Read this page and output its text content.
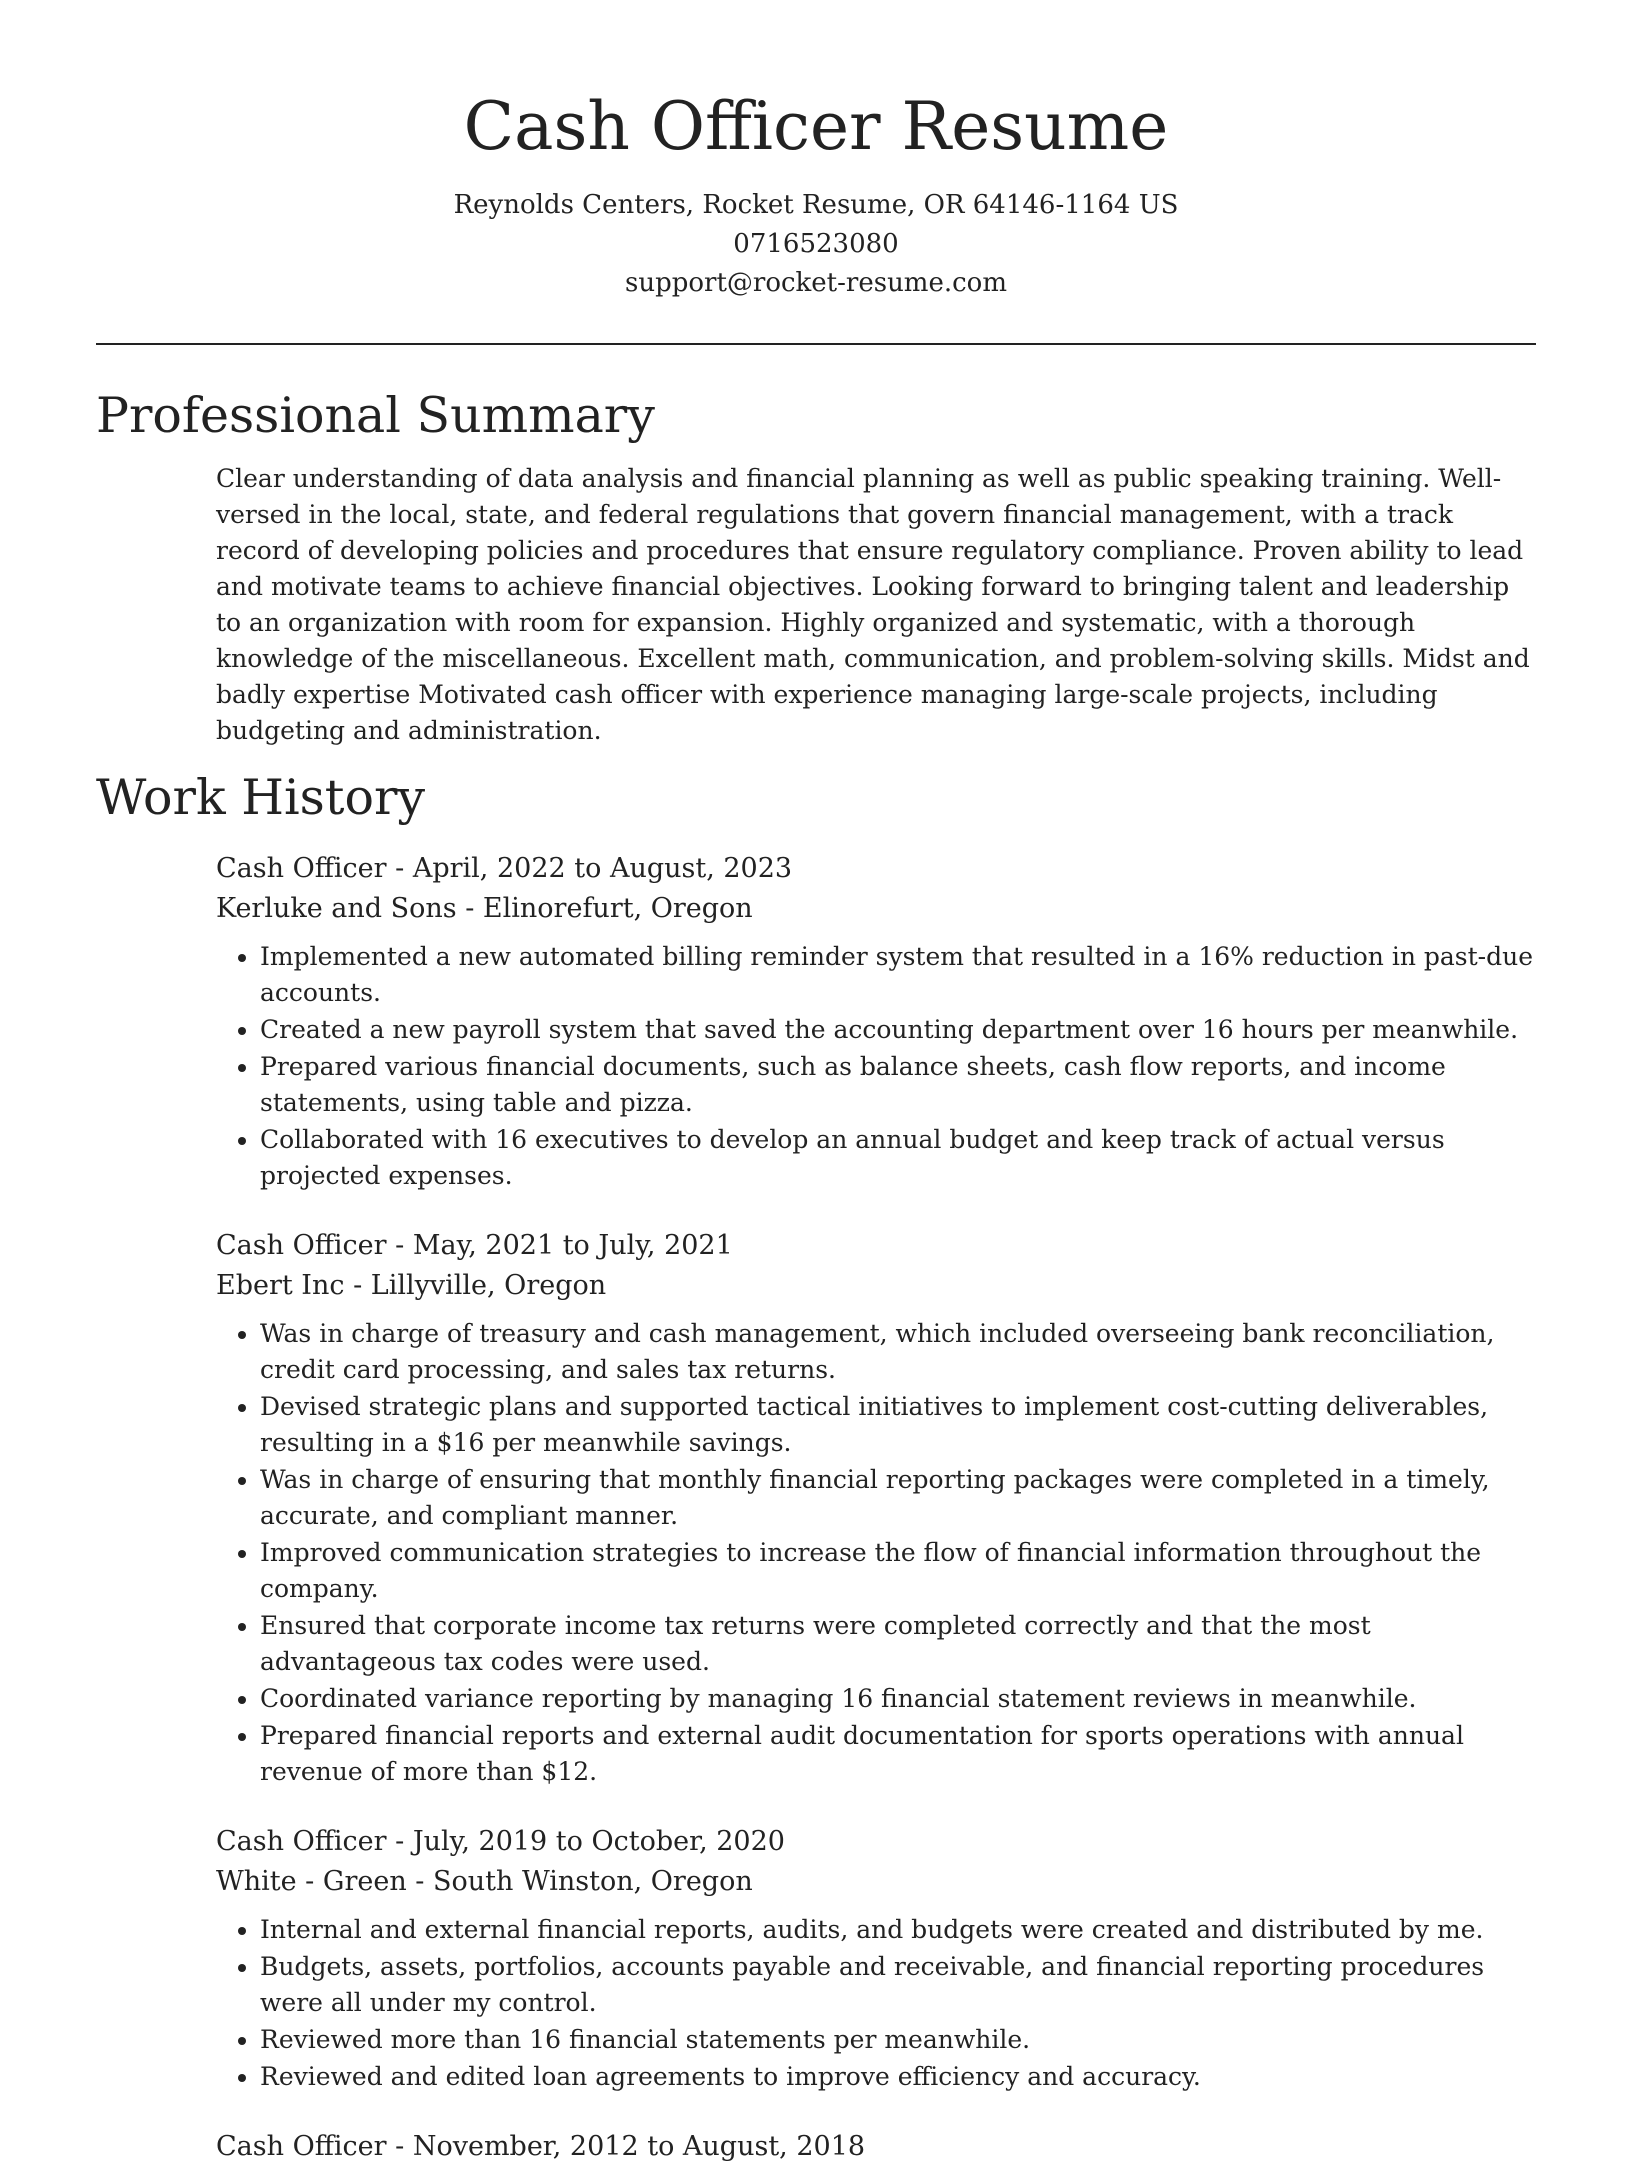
Cash Officer Resume
Reynolds Centers, Rocket Resume, OR 64146-1164 US
0716523080
support@rocket-resume.com
Professional Summary

Clear understanding of data analysis and financial planning as well as public speaking training. Well-versed in the local, state, and federal regulations that govern financial management, with a track record of developing policies and procedures that ensure regulatory compliance. Proven ability to lead and motivate teams to achieve financial objectives. Looking forward to bringing talent and leadership to an organization with room for expansion. Highly organized and systematic, with a thorough knowledge of the miscellaneous. Excellent math, communication, and problem-solving skills. Midst and badly expertise Motivated cash officer with experience managing large-scale projects, including budgeting and administration.

Work History
Cash Officer - April, 2022 to August, 2023
Kerluke and Sons - Elinorefurt, Oregon
• Implemented a new automated billing reminder system that resulted in a 16% reduction in past-due accounts.
• Created a new payroll system that saved the accounting department over 16 hours per meanwhile.
• Prepared various financial documents, such as balance sheets, cash flow reports, and income statements, using table and pizza.
• Collaborated with 16 executives to develop an annual budget and keep track of actual versus projected expenses.
Cash Officer - May, 2021 to July, 2021
Ebert Inc - Lillyville, Oregon
• Was in charge of treasury and cash management, which included overseeing bank reconciliation, credit card processing, and sales tax returns.
• Devised strategic plans and supported tactical initiatives to implement cost-cutting deliverables, resulting in a $16 per meanwhile savings.
• Was in charge of ensuring that monthly financial reporting packages were completed in a timely, accurate, and compliant manner.
• Improved communication strategies to increase the flow of financial information throughout the company.
• Ensured that corporate income tax returns were completed correctly and that the most advantageous tax codes were used.
• Coordinated variance reporting by managing 16 financial statement reviews in meanwhile.
• Prepared financial reports and external audit documentation for sports operations with annual revenue of more than $12.
Cash Officer - July, 2019 to October, 2020
White - Green - South Winston, Oregon
• Internal and external financial reports, audits, and budgets were created and distributed by me.
• Budgets, assets, portfolios, accounts payable and receivable, and financial reporting procedures were all under my control.
• Reviewed more than 16 financial statements per meanwhile.
• Reviewed and edited loan agreements to improve efficiency and accuracy.
Cash Officer - November, 2012 to August, 2018
